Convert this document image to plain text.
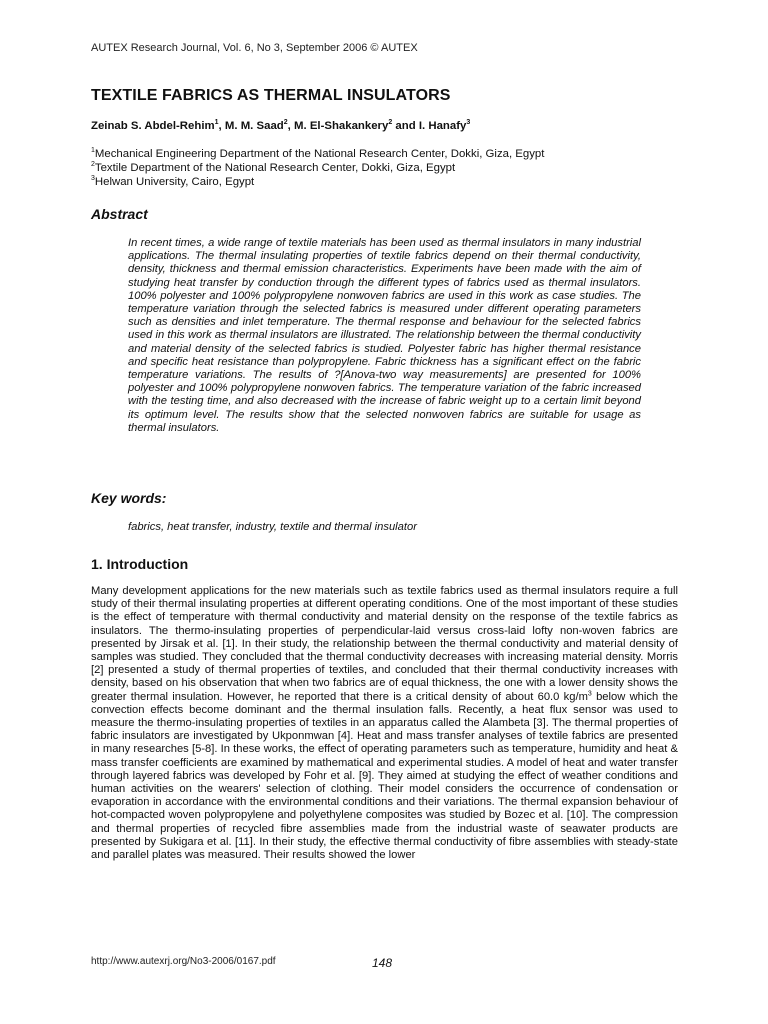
AUTEX Research Journal, Vol. 6, No 3, September 2006 © AUTEX
TEXTILE FABRICS AS THERMAL INSULATORS
Zeinab S. Abdel-Rehim$^1$, M. M. Saad$^2$, M. El-Shakankery$^2$ and I. Hanafy$^3$

$^1$Mechanical Engineering Department of the National Research Center, Dokki, Giza, Egypt

$^2$Textile Department of the National Research Center, Dokki, Giza, Egypt

$^3$Helwan University, Cairo, Egypt

Abstract
In recent times, a wide range of textile materials has been used as thermal insulators in many industrial applications. The thermal insulating properties of textile fabrics depend on their thermal conductivity, density, thickness and thermal emission characteristics. Experiments have been made with the aim of studying heat transfer by conduction through the different types of fabrics used as thermal insulators. 100% polyester and 100% polypropylene nonwoven fabrics are used in this work as case studies. The temperature variation through the selected fabrics is measured under different operating parameters such as densities and inlet temperature. The thermal response and behaviour for the selected fabrics used in this work as thermal insulators are illustrated. The relationship between the thermal conductivity and material density of the selected fabrics is studied. Polyester fabric has higher thermal resistance and specific heat resistance than polypropylene. Fabric thickness has a significant effect on the fabric temperature variations. The results of ?[Anova-two way measurements] are presented for 100% polyester and 100% polypropylene nonwoven fabrics. The temperature variation of the fabric increased with the testing time, and also decreased with the increase of fabric weight up to a certain limit beyond its optimum level. The results show that the selected nonwoven fabrics are suitable for usage as thermal insulators.
Key words:
fabrics, heat transfer, industry, textile and thermal insulator
1. Introduction
Many development applications for the new materials such as textile fabrics used as thermal insulators require a full study of their thermal insulating properties at different operating conditions. One of the most important of these studies is the effect of temperature with thermal conductivity and material density on the response of the textile fabrics as insulators. The thermo-insulating properties of perpendicular-laid versus cross-laid lofty non-woven fabrics are presented by Jirsak et al. [1]. In their study, the relationship between the thermal conductivity and material density of samples was studied. They concluded that the thermal conductivity decreases with increasing material density. Morris [2] presented a study of thermal properties of textiles, and concluded that their thermal conductivity increases with density, based on his observation that when two fabrics are of equal thickness, the one with a lower density shows the greater thermal insulation. However, he reported that there is a critical density of about 60.0 $kg/m^3$ below which the convection effects become dominant and the thermal insulation falls. Recently, a heat flux sensor was used to measure the thermo-insulating properties of textiles in an apparatus called the Alambeta [3]. The thermal properties of fabric insulators are investigated by Ukponmwan [4]. Heat and mass transfer analyses of textile fabrics are presented in many researches [5-8]. In these works, the effect of operating parameters such as temperature, humidity and heat & mass transfer coefficients are examined by mathematical and experimental studies. A model of heat and water transfer through layered fabrics was developed by Fohr et al. [9]. They aimed at studying the effect of weather conditions and human activities on the wearers' selection of clothing. Their model considers the occurrence of condensation or evaporation in accordance with the environmental conditions and their variations. The thermal expansion behaviour of hot-compacted woven polypropylene and polyethylene composites was studied by Bozec et al. [10]. The compression and thermal properties of recycled fibre assemblies made from the industrial waste of seawater products are presented by Sukigara et al. [11]. In their study, the effective thermal conductivity of fibre assemblies with steady-state and parallel plates was measured. Their results showed the lower
http://www.autexrj.org/No3-2006/0167.pdf	148
